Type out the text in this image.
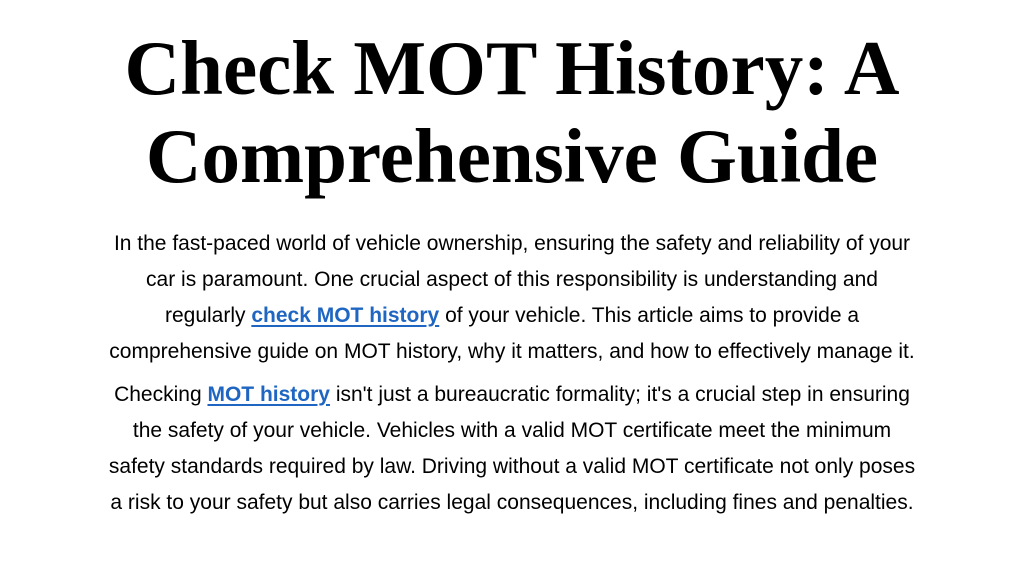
Check MOT History: A
Comprehensive Guide

In the fast-paced world of vehicle ownership, ensuring the safety and reliability of your
car is paramount. One crucial aspect of this responsibility is understanding and
regularly check MOT history of your vehicle. This article aims to provide a
comprehensive guide on MOT history, why it matters, and how to effectively manage it.

Checking MOT history isn't just a bureaucratic formality; it's a crucial step in ensuring
the safety of your vehicle. Vehicles with a valid MOT certificate meet the minimum
safety standards required by law. Driving without a valid MOT certificate not only poses
a risk to your safety but also carries legal consequences, including fines and penalties.
